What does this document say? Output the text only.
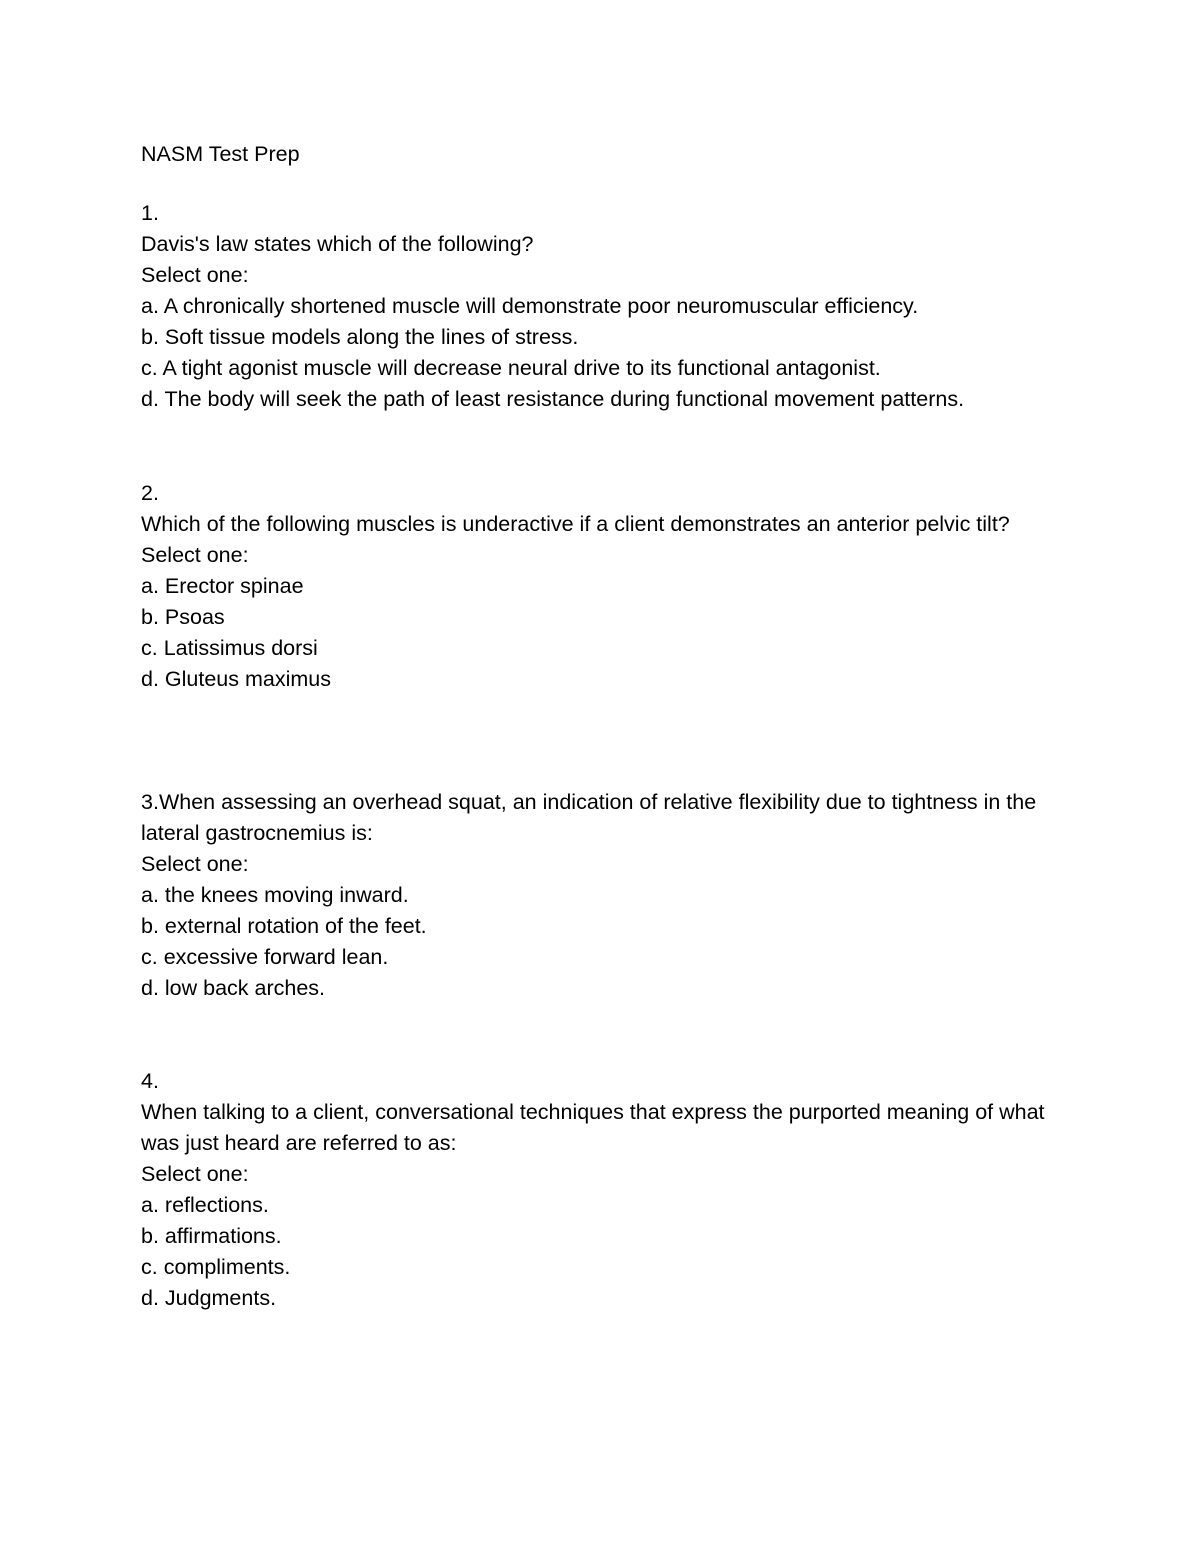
NASM Test Prep
1.
Davis's law states which of the following?
Select one:
a. A chronically shortened muscle will demonstrate poor neuromuscular efficiency.
b. Soft tissue models along the lines of stress.
c. A tight agonist muscle will decrease neural drive to its functional antagonist.
d. The body will seek the path of least resistance during functional movement patterns.
2.
Which of the following muscles is underactive if a client demonstrates an anterior pelvic tilt?
Select one:
a. Erector spinae
b. Psoas
c. Latissimus dorsi
d. Gluteus maximus
3.When assessing an overhead squat, an indication of relative flexibility due to tightness in the lateral gastrocnemius is:
Select one:
a. the knees moving inward.
b. external rotation of the feet.
c. excessive forward lean.
d. low back arches.
4.
When talking to a client, conversational techniques that express the purported meaning of what was just heard are referred to as:
Select one:
a. reflections.
b. affirmations.
c. compliments.
d. Judgments.
